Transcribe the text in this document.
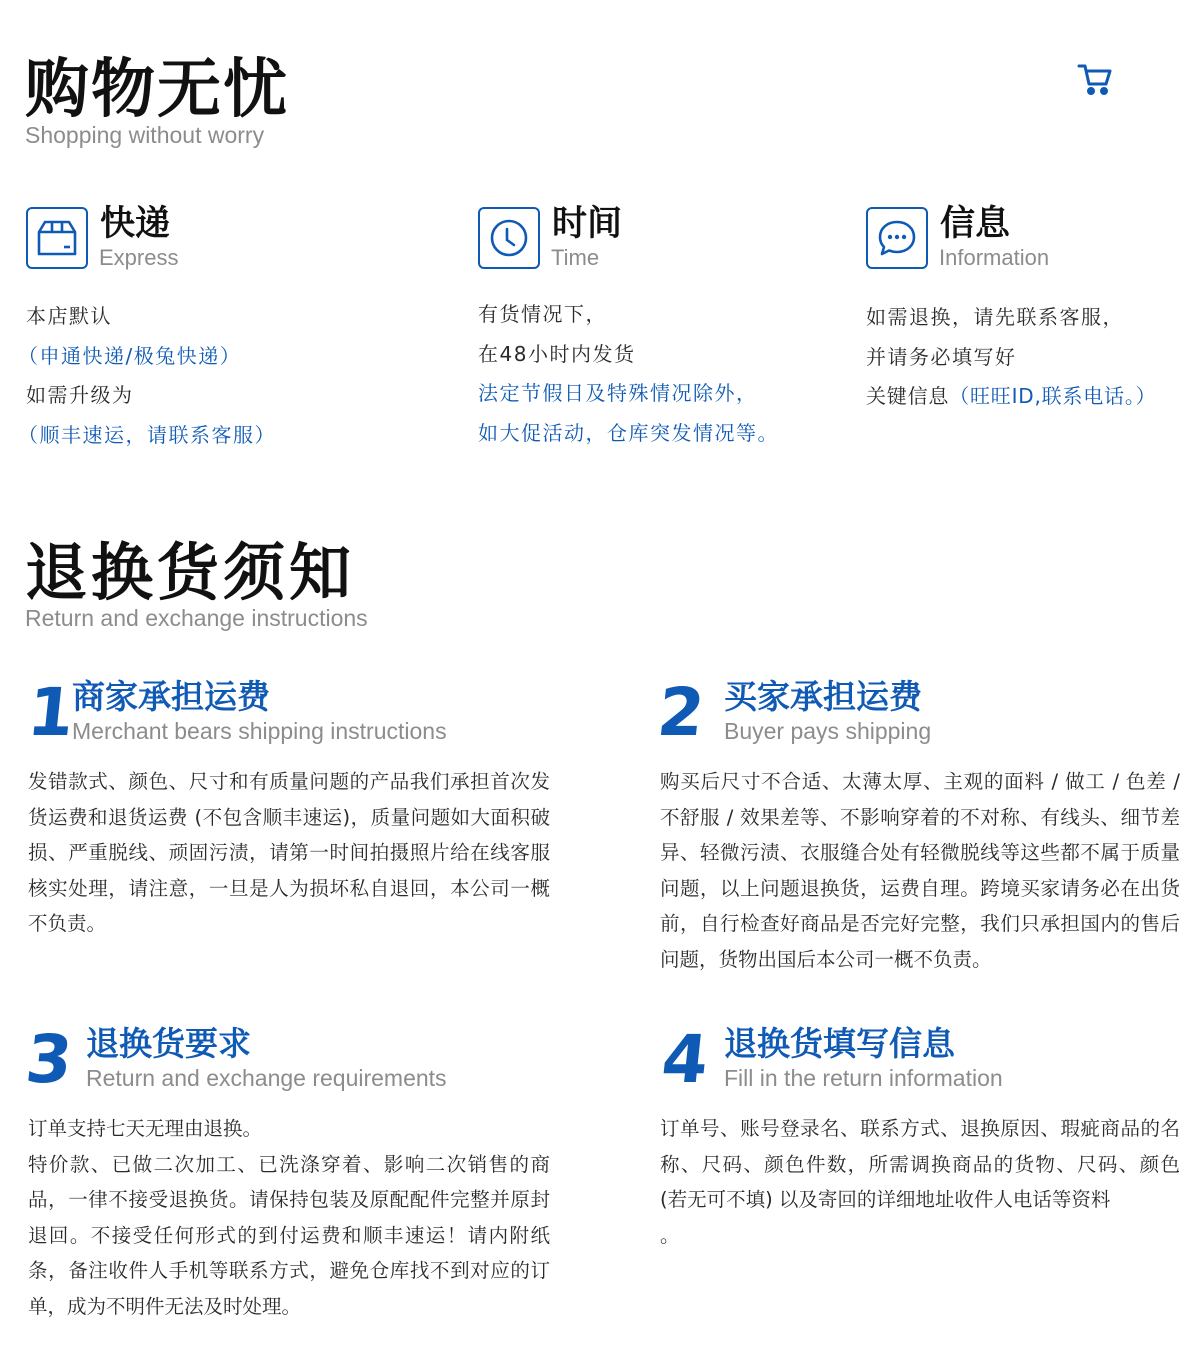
购物无忧
Shopping without worry
快递
Express
本店默认
（申通快递/极兔快递）
如需升级为
（顺丰速运，请联系客服）
时间
Time
有货情况下，
在48小时内发货
法定节假日及特殊情况除外，
如大促活动，仓库突发情况等。
信息
Information
如需退换，请先联系客服，
并请务必填写好
关键信息（旺旺ID,联系电话。）
退换货须知
Return and exchange instructions
1
商家承担运费
Merchant bears shipping instructions
发错款式、颜色、尺寸和有质量问题的产品我们承担首次发货运费和退货运费 (不包含顺丰速运)，质量问题如大面积破损、严重脱线、顽固污渍，请第一时间拍摄照片给在线客服核实处理，请注意，一旦是人为损坏私自退回，本公司一概不负责。
2 买家承担运费
Buyer pays shipping
购买后尺寸不合适、太薄太厚、主观的面料 / 做工 / 色差 / 不舒服 / 效果差等、不影响穿着的不对称、有线头、细节差异、轻微污渍、衣服缝合处有轻微脱线等这些都不属于质量问题，以上问题退换货，运费自理。跨境买家请务必在出货前，自行检查好商品是否完好完整，我们只承担国内的售后问题，货物出国后本公司一概不负责。
3 退换货要求
Return and exchange requirements
订单支持七天无理由退换。
特价款、已做二次加工、已洗涤穿着、影响二次销售的商品，一律不接受退换货。请保持包装及原配配件完整并原封退回。不接受任何形式的到付运费和顺丰速运！请内附纸条，备注收件人手机等联系方式，避免仓库找不到对应的订单，成为不明件无法及时处理。
4 退换货填写信息
Fill in the return information
订单号、账号登录名、联系方式、退换原因、瑕疵商品的名称、尺码、颜色件数，所需调换商品的货物、尺码、颜色 (若无可不填) 以及寄回的详细地址收件人电话等资料
。
